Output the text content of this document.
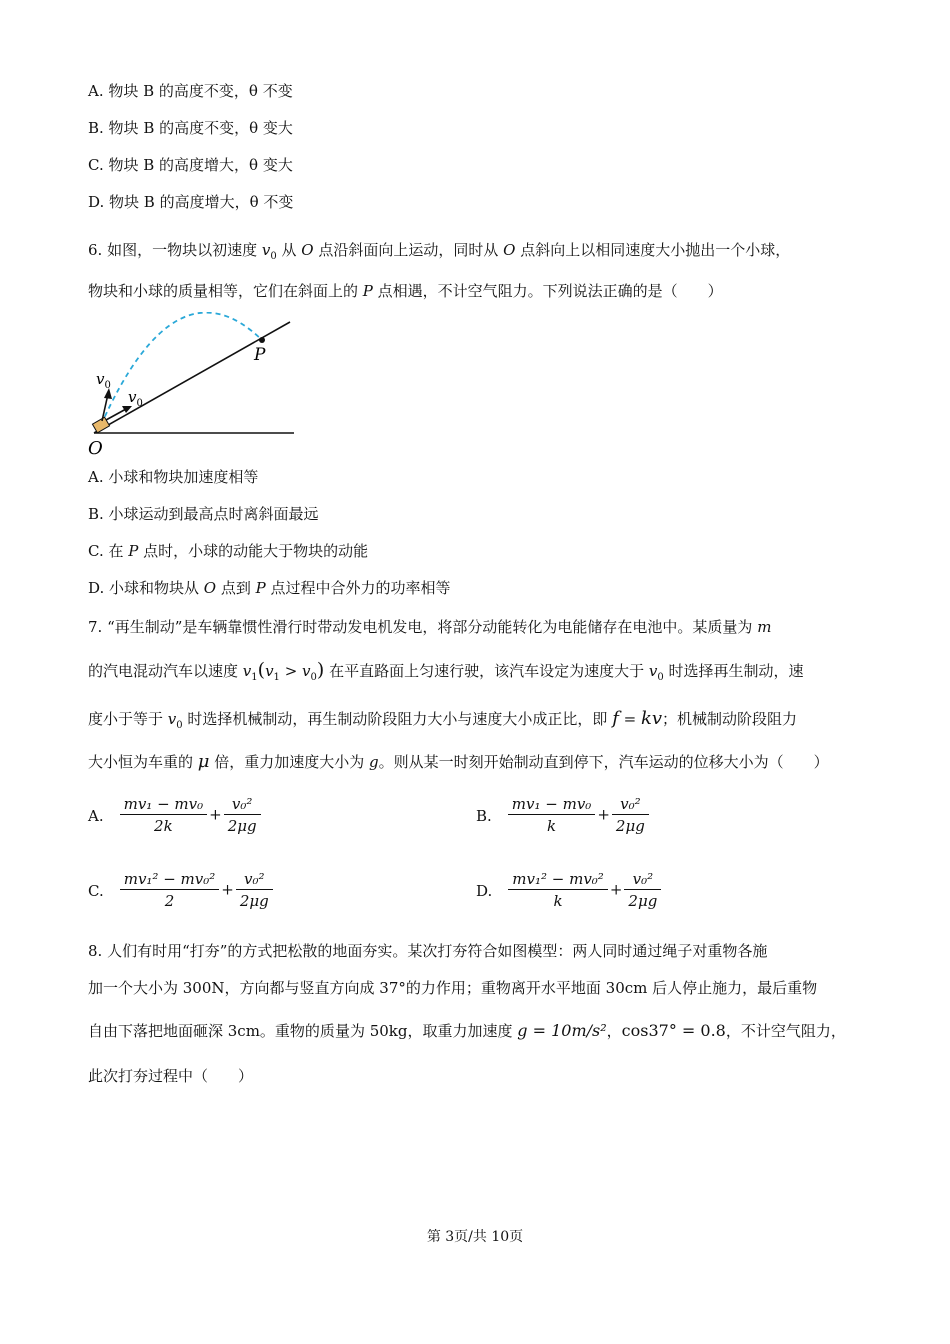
A. 物块 B 的高度不变，θ 不变
B. 物块 B 的高度不变，θ 变大
C. 物块 B 的高度增大，θ 变大
D. 物块 B 的高度增大，θ 不变
6. 如图，一物块以初速度 $v_0$ 从 O 点沿斜面向上运动，同时从 O 点斜向上以相同速度大小抛出一个小球，
物块和小球的质量相等，它们在斜面上的 P 点相遇，不计空气阻力。下列说法正确的是（　　）
$v_0$
$v_0$
O
P
A. 小球和物块加速度相等
B. 小球运动到最高点时离斜面最远
C. 在 P 点时，小球的动能大于物块的动能
D. 小球和物块从 O 点到 P 点过程中合外力的功率相等
7. “再生制动”是车辆靠惯性滑行时带动发电机发电，将部分动能转化为电能储存在电池中。某质量为 m
的汽电混动汽车以速度 $v_1(v_1 > v_0)$ 在平直路面上匀速行驶，该汽车设定为速度大于 $v_0$ 时选择再生制动，速
度小于等于 $v_0$ 时选择机械制动，再生制动阶段阻力大小与速度大小成正比，即 f = kv；机械制动阶段阻力
大小恒为车重的 μ 倍，重力加速度大小为 g。则从某一时刻开始制动直到停下，汽车运动的位移大小为（　　）
A. $\frac{\text{mv₁ − mv₀}}{2k} + \frac{\text{v₀²}}{2\mu g}$	B. $\frac{\text{mv₁ − mv₀}}{k} + \frac{\text{v₀²}}{2\mu g}$
C. $\frac{\text{mv₁² − mv₀²}}{2} + \frac{\text{v₀²}}{2\mu g}$	D. $\frac{\text{mv₁² − mv₀²}}{k} + \frac{\text{v₀²}}{2\mu g}$
8. 人们有时用“打夯”的方式把松散的地面夯实。某次打夯符合如图模型：两人同时通过绳子对重物各施
加一个大小为 300N，方向都与竖直方向成 37°的力作用；重物离开水平地面 30cm 后人停止施力，最后重物
自由下落把地面砸深 3cm。重物的质量为 50kg，取重力加速度 g = 10m/s²，cos37° = 0.8，不计空气阻力，
此次打夯过程中（　　）
第 3页/共 10页
